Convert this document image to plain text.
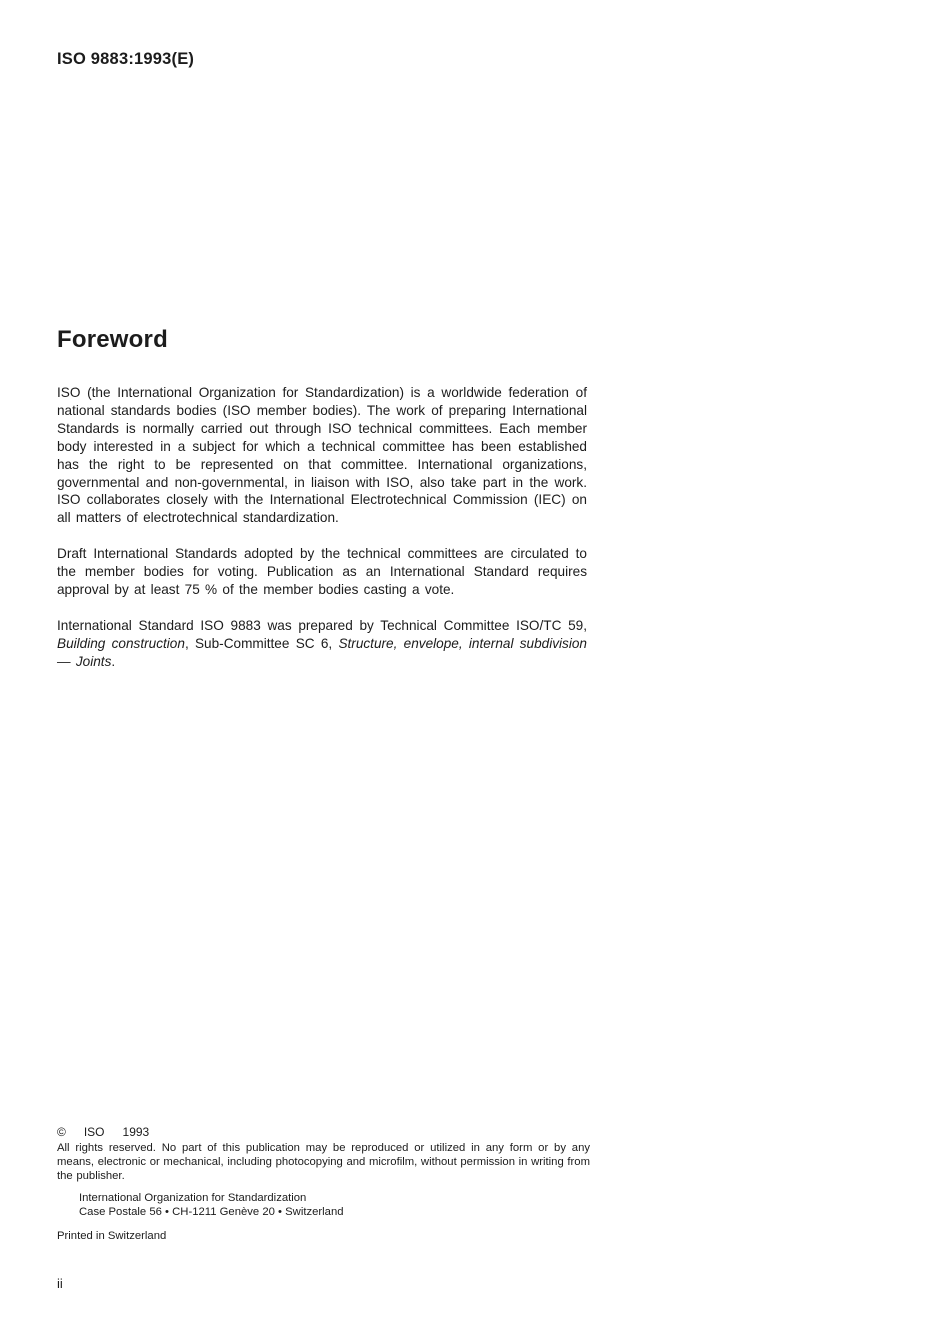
ISO 9883:1993(E)
Foreword

ISO (the International Organization for Standardization) is a worldwide federation of national standards bodies (ISO member bodies). The work of preparing International Standards is normally carried out through ISO technical committees. Each member body interested in a subject for which a technical committee has been established has the right to be represented on that committee. International organizations, governmental and non-governmental, in liaison with ISO, also take part in the work. ISO collaborates closely with the International Electrotechnical Commission (IEC) on all matters of electrotechnical standardization.

Draft International Standards adopted by the technical committees are circulated to the member bodies for voting. Publication as an International Standard requires approval by at least 75 % of the member bodies casting a vote.

International Standard ISO 9883 was prepared by Technical Committee ISO/TC 59, Building construction, Sub-Committee SC 6, Structure, envelope, internal subdivision — Joints.

© ISO 1993
All rights reserved. No part of this publication may be reproduced or utilized in any form or by any means, electronic or mechanical, including photocopying and microfilm, without permission in writing from the publisher.
International Organization for Standardization
Case Postale 56 • CH-1211 Genève 20 • Switzerland
Printed in Switzerland
ii
